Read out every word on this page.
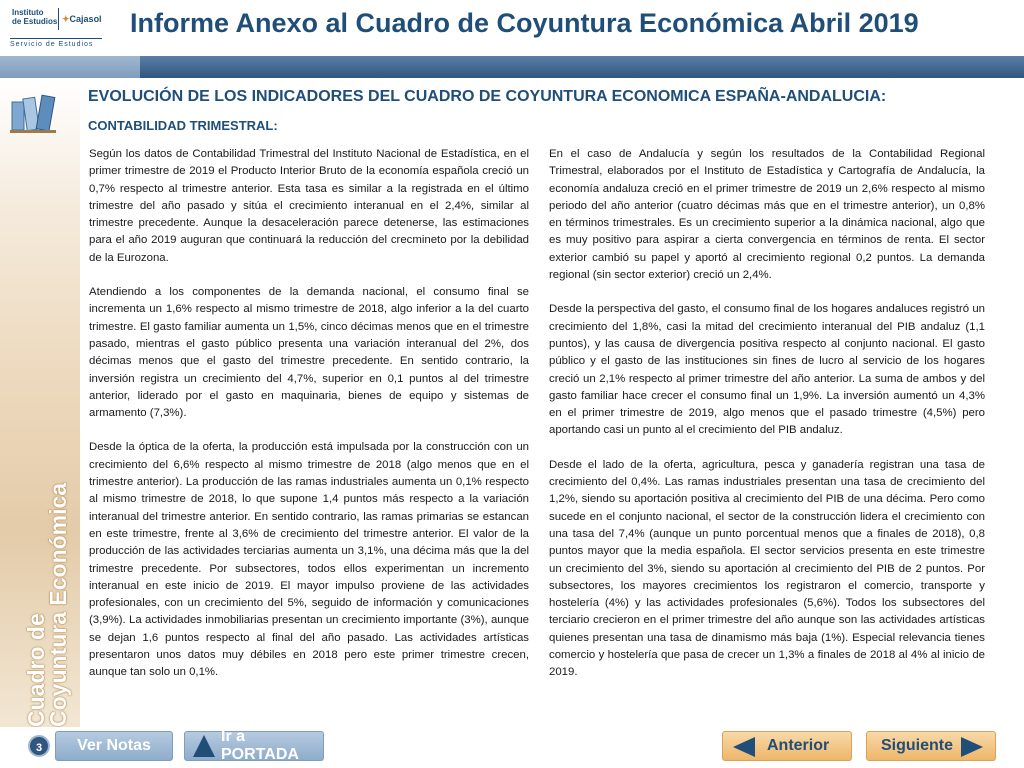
Instituto
de Estudios ✦Cajasol
Servicio de Estudios
Informe Anexo al Cuadro de Coyuntura Económica Abril 2019
Cuadro de
Coyuntura Económica
EVOLUCIÓN DE LOS INDICADORES DEL CUADRO DE COYUNTURA ECONOMICA ESPAÑA-ANDALUCIA:
CONTABILIDAD TRIMESTRAL:

Según los datos de Contabilidad Trimestral del Instituto Nacional de Estadística, en el primer trimestre de 2019 el Producto Interior Bruto de la economía española creció un 0,7% respecto al trimestre anterior. Esta tasa es similar a la registrada en el último trimestre del año pasado y sitúa el crecimiento interanual en el 2,4%, similar al trimestre precedente. Aunque la desaceleración parece detenerse, las estimaciones para el año 2019 auguran que continuará la reducción del crecmineto por la debilidad de la Eurozona.

Atendiendo a los componentes de la demanda nacional, el consumo final se incrementa un 1,6% respecto al mismo trimestre de 2018, algo inferior a la del cuarto trimestre. El gasto familiar aumenta un 1,5%, cinco décimas menos que en el trimestre pasado, mientras el gasto público presenta una variación interanual del 2%, dos décimas menos que el gasto del trimestre precedente. En sentido contrario, la inversión registra un crecimiento del 4,7%, superior en 0,1 puntos al del trimestre anterior, liderado por el gasto en maquinaria, bienes de equipo y sistemas de armamento (7,3%).

Desde la óptica de la oferta, la producción está impulsada por la construcción con un crecimiento del 6,6% respecto al mismo trimestre de 2018 (algo menos que en el trimestre anterior). La producción de las ramas industriales aumenta un 0,1% respecto al mismo trimestre de 2018, lo que supone 1,4 puntos más respecto a la variación interanual del trimestre anterior. En sentido contrario, las ramas primarias se estancan en este trimestre, frente al 3,6% de crecimiento del trimestre anterior. El valor de la producción de las actividades terciarias aumenta un 3,1%, una décima más que la del trimestre precedente. Por subsectores, todos ellos experimentan un incremento interanual en este inicio de 2019. El mayor impulso proviene de las actividades profesionales, con un crecimiento del 5%, seguido de información y comunicaciones (3,9%). La actividades inmobiliarias presentan un crecimiento importante (3%), aunque se dejan 1,6 puntos respecto al final del año pasado. Las actividades artísticas presentaron unos datos muy débiles en 2018 pero este primer trimestre crecen, aunque tan solo un 0,1%.

En el caso de Andalucía y según los resultados de la Contabilidad Regional Trimestral, elaborados por el Instituto de Estadística y Cartografía de Andalucía, la economía andaluza creció en el primer trimestre de 2019 un 2,6% respecto al mismo periodo del año anterior (cuatro décimas más que en el trimestre anterior), un 0,8% en términos trimestrales. Es un crecimiento superior a la dinámica nacional, algo que es muy positivo para aspirar a cierta convergencia en términos de renta. El sector exterior cambió su papel y aportó al crecimiento regional 0,2 puntos. La demanda regional (sin sector exterior) creció un 2,4%.

Desde la perspectiva del gasto, el consumo final de los hogares andaluces registró un crecimiento del 1,8%, casi la mitad del crecimiento interanual del PIB andaluz (1,1 puntos), y las causa de divergencia positiva respecto al conjunto nacional. El gasto público y el gasto de las instituciones sin fines de lucro al servicio de los hogares creció un 2,1% respecto al primer trimestre del año anterior. La suma de ambos y del gasto familiar hace crecer el consumo final un 1,9%. La inversión aumentó un 4,3% en el primer trimestre de 2019, algo menos que el pasado trimestre (4,5%) pero aportando casi un punto al el crecimiento del PIB andaluz.

Desde el lado de la oferta, agricultura, pesca y ganadería registran una tasa de crecimiento del 0,4%. Las ramas industriales presentan una tasa de crecimiento del 1,2%, siendo su aportación positiva al crecimiento del PIB de una décima. Pero como sucede en el conjunto nacional, el sector de la construcción lidera el crecimiento con una tasa del 7,4% (aunque un punto porcentual menos que a finales de 2018), 0,8 puntos mayor que la media española. El sector servicios presenta en este trimestre un crecimiento del 3%, siendo su aportación al crecimiento del PIB de 2 puntos. Por subsectores, los mayores crecimientos los registraron el comercio, transporte y hostelería (4%) y las actividades profesionales (5,6%). Todos los subsectores del terciario crecieron en el primer trimestre del año aunque son las actividades artísticas quienes presentan una tasa de dinamismo más baja (1%). Especial relevancia tienes comercio y hostelería que pasa de crecer un 1,3% a finales de 2018 al 4% al inicio de 2019.

3	Ver Notas
Ir a PORTADA
Anterior	Siguiente
